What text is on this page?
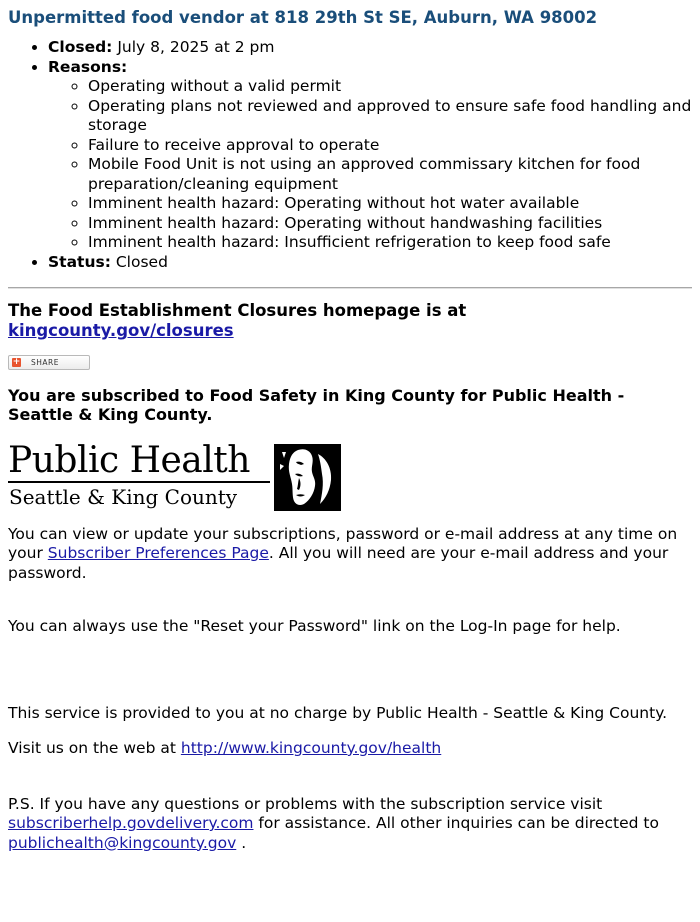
Unpermitted food vendor at 818 29th St SE, Auburn, WA 98002
• Closed: July 8, 2025 at 2 pm
• Reasons:
◦ Operating without a valid permit
◦ Operating plans not reviewed and approved to ensure safe food handling and storage
◦ Failure to receive approval to operate
◦ Mobile Food Unit is not using an approved commissary kitchen for food preparation/cleaning equipment
◦ Imminent health hazard: Operating without hot water available
◦ Imminent health hazard: Operating without handwashing facilities
◦ Imminent health hazard: Insufficient refrigeration to keep food safe
• Status: Closed

The Food Establishment Closures homepage is at kingcounty.gov/closures

+ SHARE

You are subscribed to Food Safety in King County for Public Health - Seattle & King County.

Public Health
Seattle & King County

You can view or update your subscriptions, password or e-mail address at any time on your Subscriber Preferences Page. All you will need are your e-mail address and your password.

You can always use the "Reset your Password" link on the Log-In page for help.

This service is provided to you at no charge by Public Health - Seattle & King County.

Visit us on the web at http://www.kingcounty.gov/health

P.S. If you have any questions or problems with the subscription service visit subscriberhelp.govdelivery.com for assistance. All other inquiries can be directed to publichealth@kingcounty.gov .
